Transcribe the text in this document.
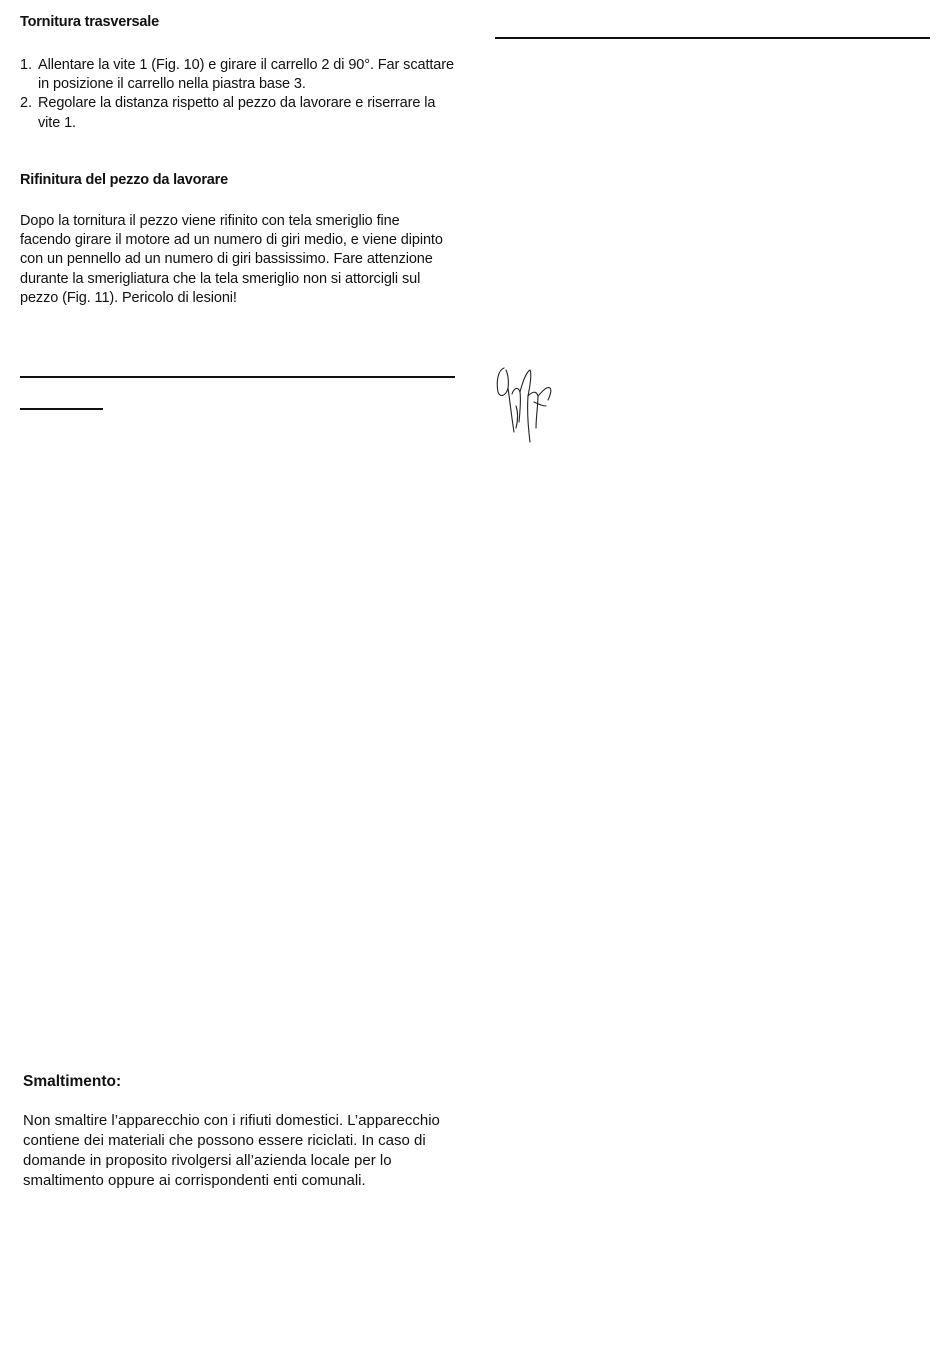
Tornitura trasversale
1. Allentare la vite 1 (Fig. 10) e girare il carrello 2 di 90°. Far scattare in posizione il carrello nella piastra base 3.
2. Regolare la distanza rispetto al pezzo da lavorare e riserrare la vite 1.
Rifinitura del pezzo da lavorare
Dopo la tornitura il pezzo viene rifinito con tela smeriglio fine facendo girare il motore ad un numero di giri medio, e viene dipinto con un pennello ad un numero di giri bassissimo. Fare attenzione durante la smerigliatura che la tela smeriglio non si attorcigli sul pezzo (Fig. 11). Pericolo di lesioni!
Smaltimento:
Non smaltire l’apparecchio con i rifiuti domestici. L’apparecchio contiene dei materiali che possono essere riciclati. In caso di domande in proposito rivolgersi all’azienda locale per lo smaltimento oppure ai corrispondenti enti comunali.
